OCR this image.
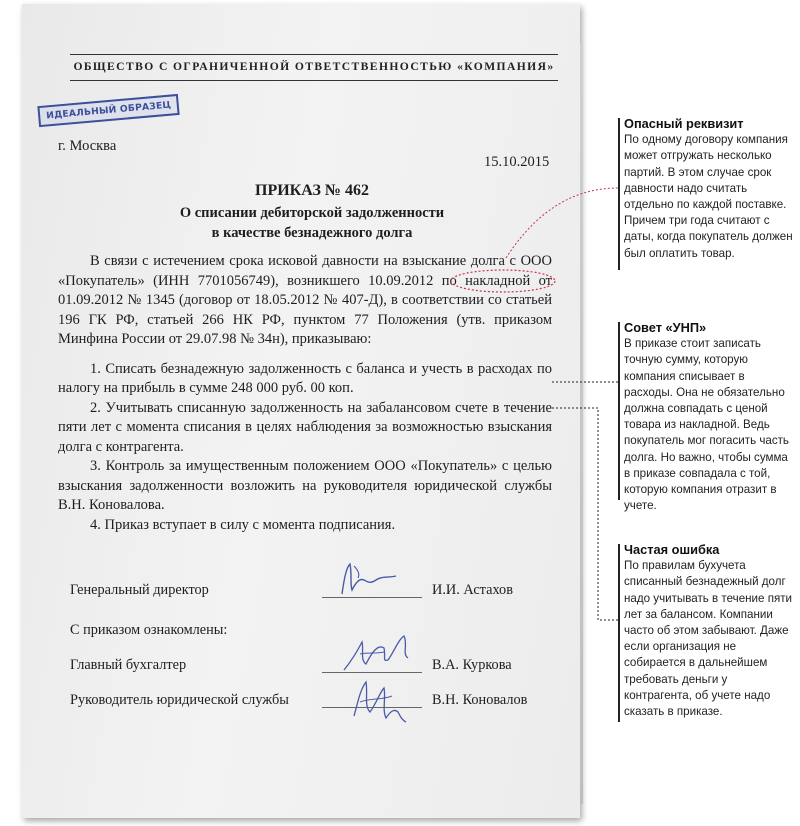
ОБЩЕСТВО С ОГРАНИЧЕННОЙ ОТВЕТСТВЕННОСТЬЮ «КОМПАНИЯ»
ИДЕАЛЬНЫЙ ОБРАЗЕЦ
г. Москва
15.10.2015
ПРИКАЗ № 462
О списании дебиторской задолженности
в качестве безнадежного долга

В связи с истечением срока исковой давности на взыскание долга с ООО «Покупатель» (ИНН 7701056749), возникшего 10.09.2012 по накладной от 01.09.2012 № 1345 (договор от 18.05.2012 № 407-Д), в соответствии со статьей 196 ГК РФ, статьей 266 НК РФ, пунктом 77 Положения (утв. приказом Минфина России от 29.07.98 № 34н), приказываю:

1. Списать безнадежную задолженность с баланса и учесть в расходах по налогу на прибыль в сумме 248 000 руб. 00 коп.

2. Учитывать списанную задолженность на забалансовом счете в течение пяти лет с момента списания в целях наблюдения за возможностью взыскания долга с контрагента.

3. Контроль за имущественным положением ООО «Покупатель» с целью взыскания задолженности возложить на руководителя юридической службы В.Н. Коновалова.

4. Приказ вступает в силу с момента подписания.

Генеральный директор	И.И. Астахов
С приказом ознакомлены:
Главный бухгалтер	В.А. Куркова
Руководитель юридической службы	В.Н. Коновалов
Опасный реквизит

По одному договору компания может отгружать несколько партий. В этом случае срок давности надо считать отдельно по каждой поставке. Причем три года считают с даты, когда покупатель должен был оплатить товар.

Совет «УНП»

В приказе стоит записать точную сумму, которую компания списывает в расходы. Она не обязательно должна совпадать с ценой товара из накладной. Ведь покупатель мог погасить часть долга. Но важно, чтобы сумма в приказе совпадала с той, которую компания отразит в учете.

Частая ошибка

По правилам бухучета списанный безнадежный долг надо учитывать в течение пяти лет за балансом. Компании часто об этом забывают. Даже если организация не собирается в дальнейшем требовать деньги у контрагента, об учете надо сказать в приказе.
